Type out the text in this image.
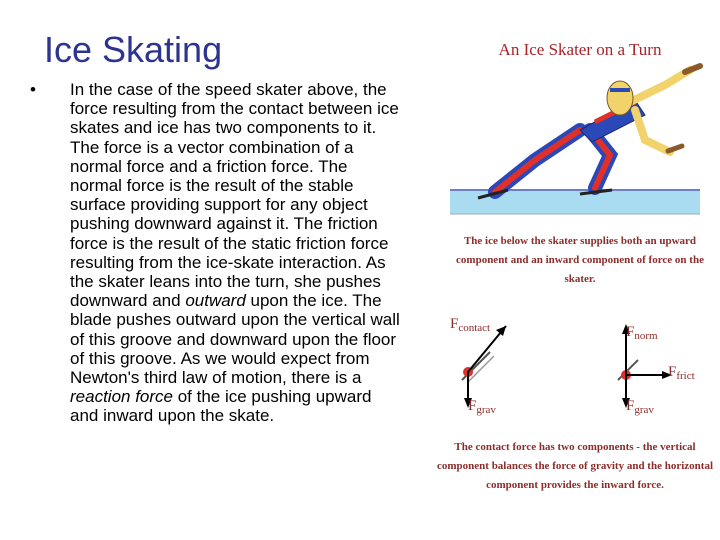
Ice Skating
• In the case of the speed skater above, the force resulting from the contact between ice skates and ice has two components to it. The force is a vector combination of a normal force and a friction force. The normal force is the result of the stable surface providing support for any object pushing downward against it. The friction force is the result of the static friction force resulting from the ice-skate interaction. As the skater leans into the turn, she pushes downward and outward upon the ice. The blade pushes outward upon the vertical wall of this groove and downward upon the floor of this groove. As we would expect from Newton's third law of motion, there is a reaction force of the ice pushing upward and inward upon the skate.

An Ice Skater on a Turn
The ice below the skater supplies both an upward component and an inward component of force on the skater.
$F_{contact}$
$F_{grav}$
$F_{norm}$
$F_{frict}$
$F_{grav}$
The contact force has two components - the vertical component balances the force of gravity and the horizontal component provides the inward force.
